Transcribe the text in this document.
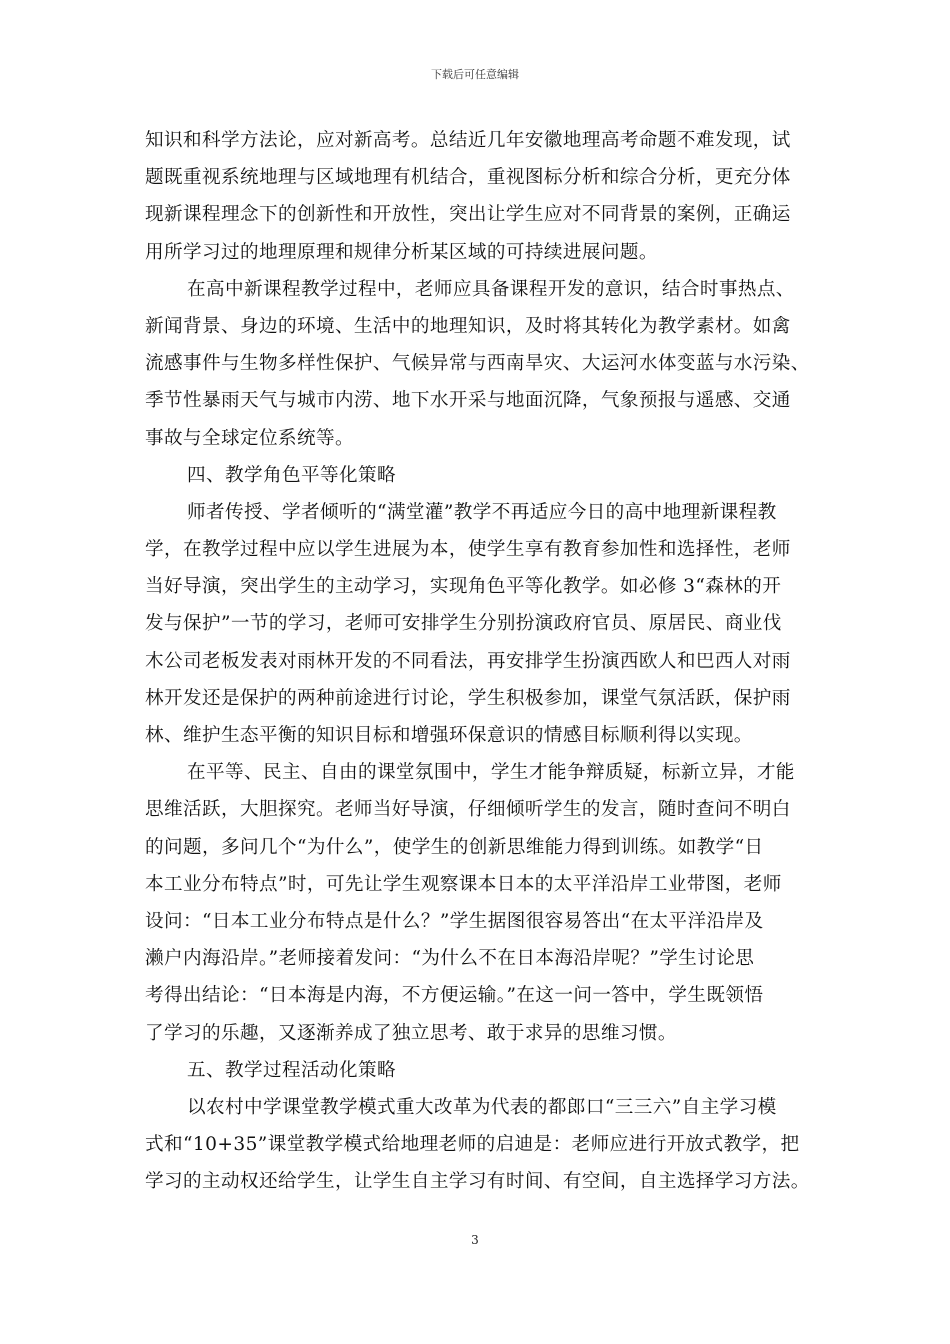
下载后可任意编辑
知识和科学方法论，应对新高考。总结近几年安徽地理高考命题不难发现，试
题既重视系统地理与区域地理有机结合，重视图标分析和综合分析，更充分体
现新课程理念下的创新性和开放性，突出让学生应对不同背景的案例，正确运
用所学习过的地理原理和规律分析某区域的可持续进展问题。
在高中新课程教学过程中，老师应具备课程开发的意识，结合时事热点、
新闻背景、身边的环境、生活中的地理知识，及时将其转化为教学素材。如禽
流感事件与生物多样性保护、气候异常与西南旱灾、大运河水体变蓝与水污染、
季节性暴雨天气与城市内涝、地下水开采与地面沉降，气象预报与遥感、交通
事故与全球定位系统等。
四、教学角色平等化策略
师者传授、学者倾听的“满堂灌”教学不再适应今日的高中地理新课程教
学，在教学过程中应以学生进展为本，使学生享有教育参加性和选择性，老师
当好导演，突出学生的主动学习，实现角色平等化教学。如必修 3“森林的开
发与保护”一节的学习，老师可安排学生分别扮演政府官员、原居民、商业伐
木公司老板发表对雨林开发的不同看法，再安排学生扮演西欧人和巴西人对雨
林开发还是保护的两种前途进行讨论，学生积极参加，课堂气氛活跃，保护雨
林、维护生态平衡的知识目标和增强环保意识的情感目标顺利得以实现。
在平等、民主、自由的课堂氛围中，学生才能争辩质疑，标新立异，才能
思维活跃，大胆探究。老师当好导演，仔细倾听学生的发言，随时查问不明白
的问题，多问几个“为什么”，使学生的创新思维能力得到训练。如教学“日
本工业分布特点”时，可先让学生观察课本日本的太平洋沿岸工业带图，老师
设问：“日本工业分布特点是什么？”学生据图很容易答出“在太平洋沿岸及
濑户内海沿岸。”老师接着发问：“为什么不在日本海沿岸呢？”学生讨论思
考得出结论：“日本海是内海，不方便运输。”在这一问一答中，学生既领悟
了学习的乐趣，又逐渐养成了独立思考、敢于求异的思维习惯。
五、教学过程活动化策略
以农村中学课堂教学模式重大改革为代表的都郎口“三三六”自主学习模
式和“10+35”课堂教学模式给地理老师的启迪是：老师应进行开放式教学，把
学习的主动权还给学生，让学生自主学习有时间、有空间，自主选择学习方法。
3
